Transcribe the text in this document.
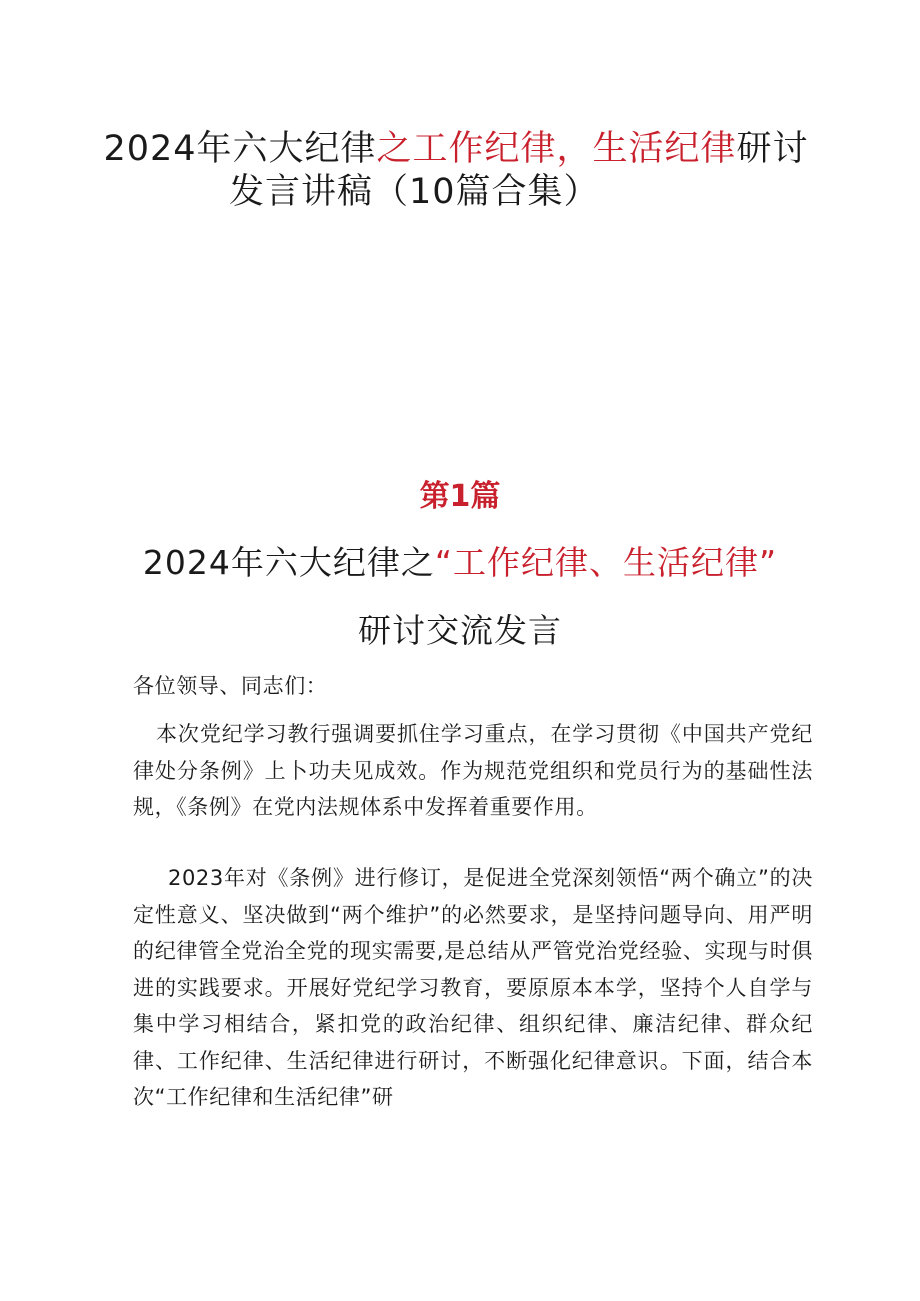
2024年六大纪律之工作纪律，生活纪律研讨
发言讲稿（10篇合集）
第1篇
2024年六大纪律之“工作纪律、生活纪律”
研讨交流发言
各位领导、同志们：
本次党纪学习教行强调要抓住学习重点，在学习贯彻《中国共产党纪律处分条例》上卜功夫见成效。作为规范党组织和党员行为的基础性法规，《条例》在党内法规体系中发挥着重要作用。
2023年对《条例》进行修订，是促进全党深刻领悟“两个确立”的决定性意义、坚决做到“两个维护”的必然要求，是坚持问题导向、用严明的纪律管全党治全党的现实需要,是总结从严管党治党经验、实现与时俱进的实践要求。开展好党纪学习教育，要原原本本学，坚持个人自学与集中学习相结合，紧扣党的政治纪律、组织纪律、廉洁纪律、群众纪律、工作纪律、生活纪律进行研讨，不断强化纪律意识。下面，结合本次“工作纪律和生活纪律”研
